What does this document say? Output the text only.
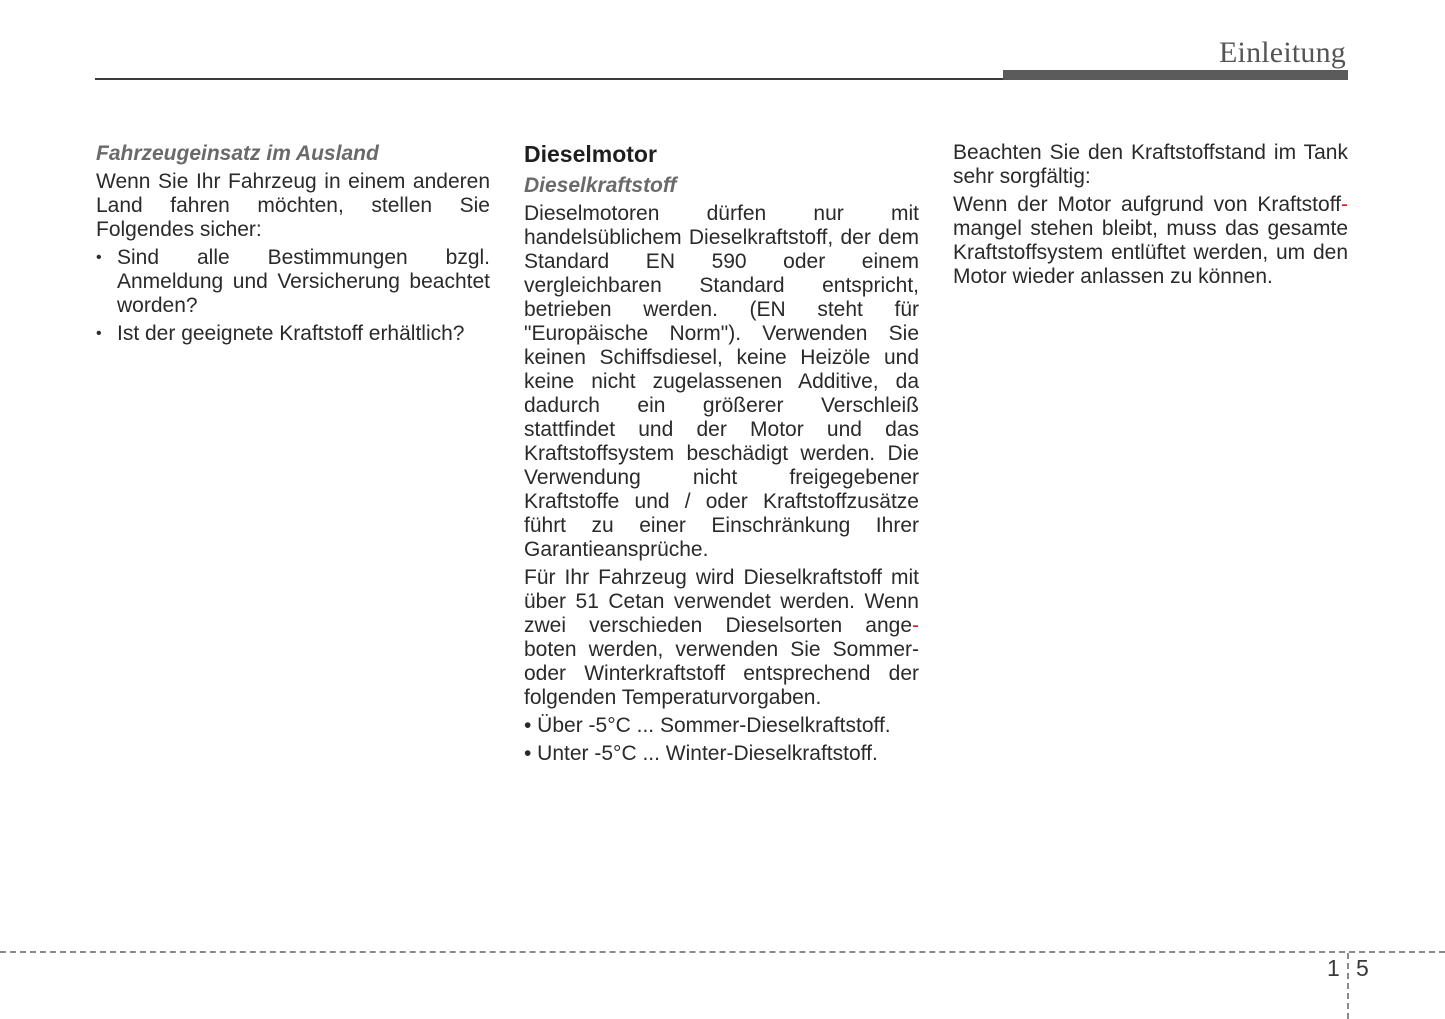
Einleitung
Fahrzeugeinsatz im Ausland

Wenn Sie Ihr Fahrzeug in einem anderen Land fahren möchten, stellen Sie Folgendes sicher:

• Sind alle Bestimmungen bzgl. Anmeldung und Versicherung beachtet worden?
• Ist der geeignete Kraftstoff erhältlich?
Dieselmotor
Dieselkraftstoff

Dieselmotoren dürfen nur mit handelsüblichem Dieselkraftstoff, der dem Standard EN 590 oder einem vergleichbaren Standard entspricht, betrieben werden. (EN steht für "Europäische Norm"). Verwenden Sie keinen Schiffsdiesel, keine Heizöle und keine nicht zugelassenen Additive, da dadurch ein größerer Verschleiß stattfindet und der Motor und das Kraftstoffsystem beschädigt werden. Die Verwendung nicht freigegebener Kraftstoffe und / oder Kraftstoffzusätze führt zu einer Einschränkung Ihrer Garantieansprüche.

Für Ihr Fahrzeug wird Dieselkraftstoff mit über 51 Cetan verwendet werden. Wenn zwei verschieden Dieselsorten ange-boten werden, verwenden Sie Sommer- oder Winterkraftstoff entsprechend der folgenden Temperaturvorgaben.

• Über -5°C ... Sommer-Dieselkraftstoff.
• Unter -5°C ... Winter-Dieselkraftstoff.

Beachten Sie den Kraftstoffstand im Tank sehr sorgfältig:

Wenn der Motor aufgrund von Kraftstoff-mangel stehen bleibt, muss das gesamte Kraftstoffsystem entlüftet werden, um den Motor wieder anlassen zu können.

1 5
